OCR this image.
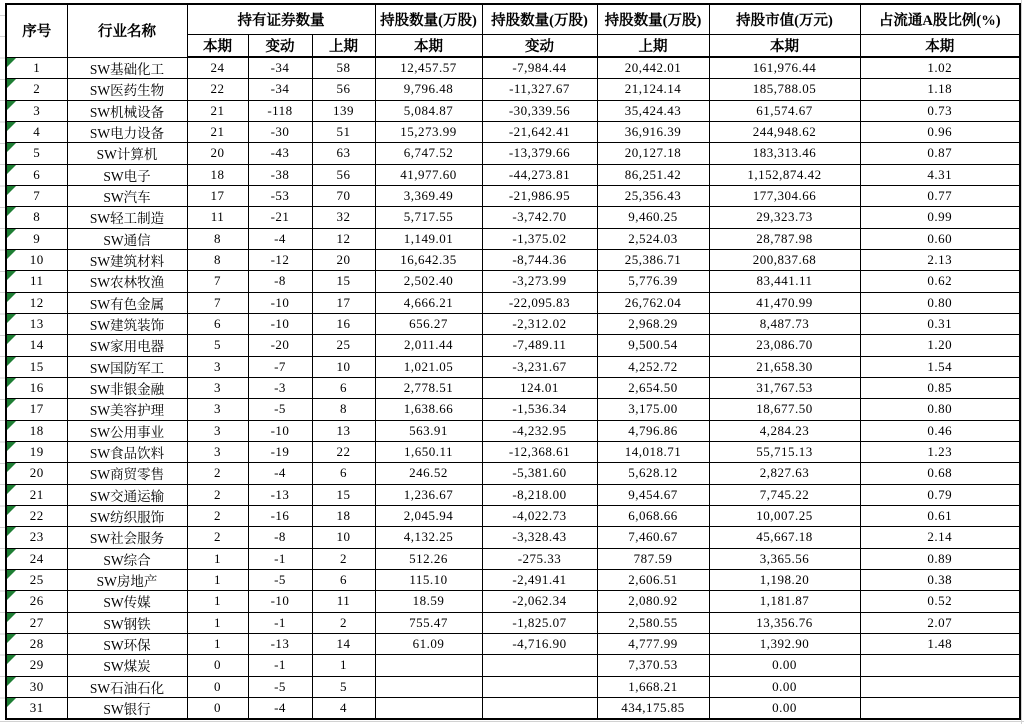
序号	行业名称	持有证券数量			持股数量(万股)	持股数量(万股)	持股数量(万股)	持股市值(万元)	占流通A股比例(%)
		本期	变动	上期	本期	变动	上期	本期	本期

1	SW基础化工	24	-34	58	12,457.57	-7,984.44	20,442.01	161,976.44	1.02

2	SW医药生物	22	-34	56	9,796.48	-11,327.67	21,124.14	185,788.05	1.18

3	SW机械设备	21	-118	139	5,084.87	-30,339.56	35,424.43	61,574.67	0.73

4	SW电力设备	21	-30	51	15,273.99	-21,642.41	36,916.39	244,948.62	0.96

5	SW计算机	20	-43	63	6,747.52	-13,379.66	20,127.18	183,313.46	0.87

6	SW电子	18	-38	56	41,977.60	-44,273.81	86,251.42	1,152,874.42	4.31

7	SW汽车	17	-53	70	3,369.49	-21,986.95	25,356.43	177,304.66	0.77

8	SW轻工制造	11	-21	32	5,717.55	-3,742.70	9,460.25	29,323.73	0.99

9	SW通信	8	-4	12	1,149.01	-1,375.02	2,524.03	28,787.98	0.60

10	SW建筑材料	8	-12	20	16,642.35	-8,744.36	25,386.71	200,837.68	2.13

11	SW农林牧渔	7	-8	15	2,502.40	-3,273.99	5,776.39	83,441.11	0.62

12	SW有色金属	7	-10	17	4,666.21	-22,095.83	26,762.04	41,470.99	0.80

13	SW建筑装饰	6	-10	16	656.27	-2,312.02	2,968.29	8,487.73	0.31

14	SW家用电器	5	-20	25	2,011.44	-7,489.11	9,500.54	23,086.70	1.20

15	SW国防军工	3	-7	10	1,021.05	-3,231.67	4,252.72	21,658.30	1.54

16	SW非银金融	3	-3	6	2,778.51	124.01	2,654.50	31,767.53	0.85

17	SW美容护理	3	-5	8	1,638.66	-1,536.34	3,175.00	18,677.50	0.80

18	SW公用事业	3	-10	13	563.91	-4,232.95	4,796.86	4,284.23	0.46

19	SW食品饮料	3	-19	22	1,650.11	-12,368.61	14,018.71	55,715.13	1.23

20	SW商贸零售	2	-4	6	246.52	-5,381.60	5,628.12	2,827.63	0.68

21	SW交通运输	2	-13	15	1,236.67	-8,218.00	9,454.67	7,745.22	0.79

22	SW纺织服饰	2	-16	18	2,045.94	-4,022.73	6,068.66	10,007.25	0.61

23	SW社会服务	2	-8	10	4,132.25	-3,328.43	7,460.67	45,667.18	2.14

24	SW综合	1	-1	2	512.26	-275.33	787.59	3,365.56	0.89

25	SW房地产	1	-5	6	115.10	-2,491.41	2,606.51	1,198.20	0.38

26	SW传媒	1	-10	11	18.59	-2,062.34	2,080.92	1,181.87	0.52

27	SW钢铁	1	-1	2	755.47	-1,825.07	2,580.55	13,356.76	2.07

28	SW环保	1	-13	14	61.09	-4,716.90	4,777.99	1,392.90	1.48

29	SW煤炭	0	-1	1			7,370.53	0.00	

30	SW石油石化	0	-5	5			1,668.21	0.00	

31	SW银行	0	-4	4			434,175.85	0.00	
